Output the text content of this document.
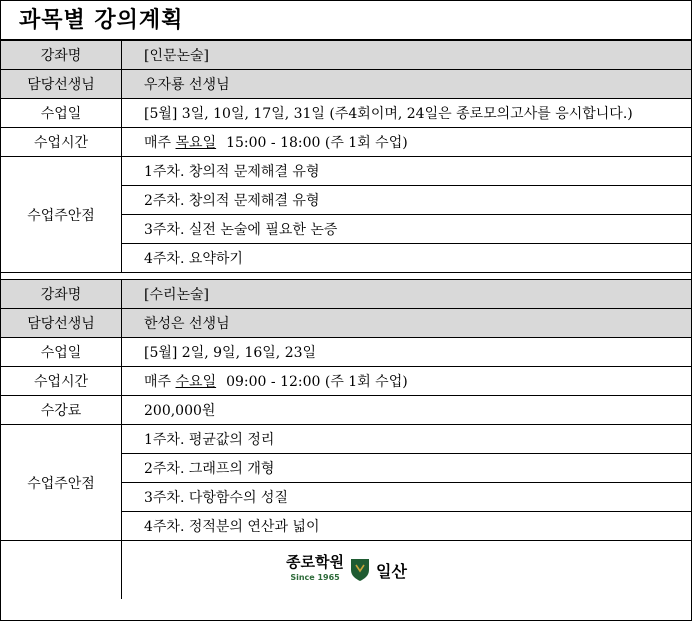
과목별 강의계획
강좌명	[인문논술]
담당선생님	우자룡 선생님
수업일	[5월] 3일, 10일, 17일, 31일 (주4회이며, 24일은 종로모의고사를 응시합니다.)
수업시간	매주 목요일 15:00 - 18:00 (주 1회 수업)
수업주안점	1주차. 창의적 문제해결 유형
	2주차. 창의적 문제해결 유형
	3주차. 실전 논술에 필요한 논증
	4주차. 요약하기

강좌명	[수리논술]
담당선생님	한성은 선생님
수업일	[5월] 2일, 9일, 16일, 23일
수업시간	매주 수요일 09:00 - 12:00 (주 1회 수업)
수강료	200,000원
수업주안점	1주차. 평균값의 정리
	2주차. 그래프의 개형
	3주차. 다항함수의 성질
	4주차. 정적분의 연산과 넓이

	종로학원
Since 1965 일산
